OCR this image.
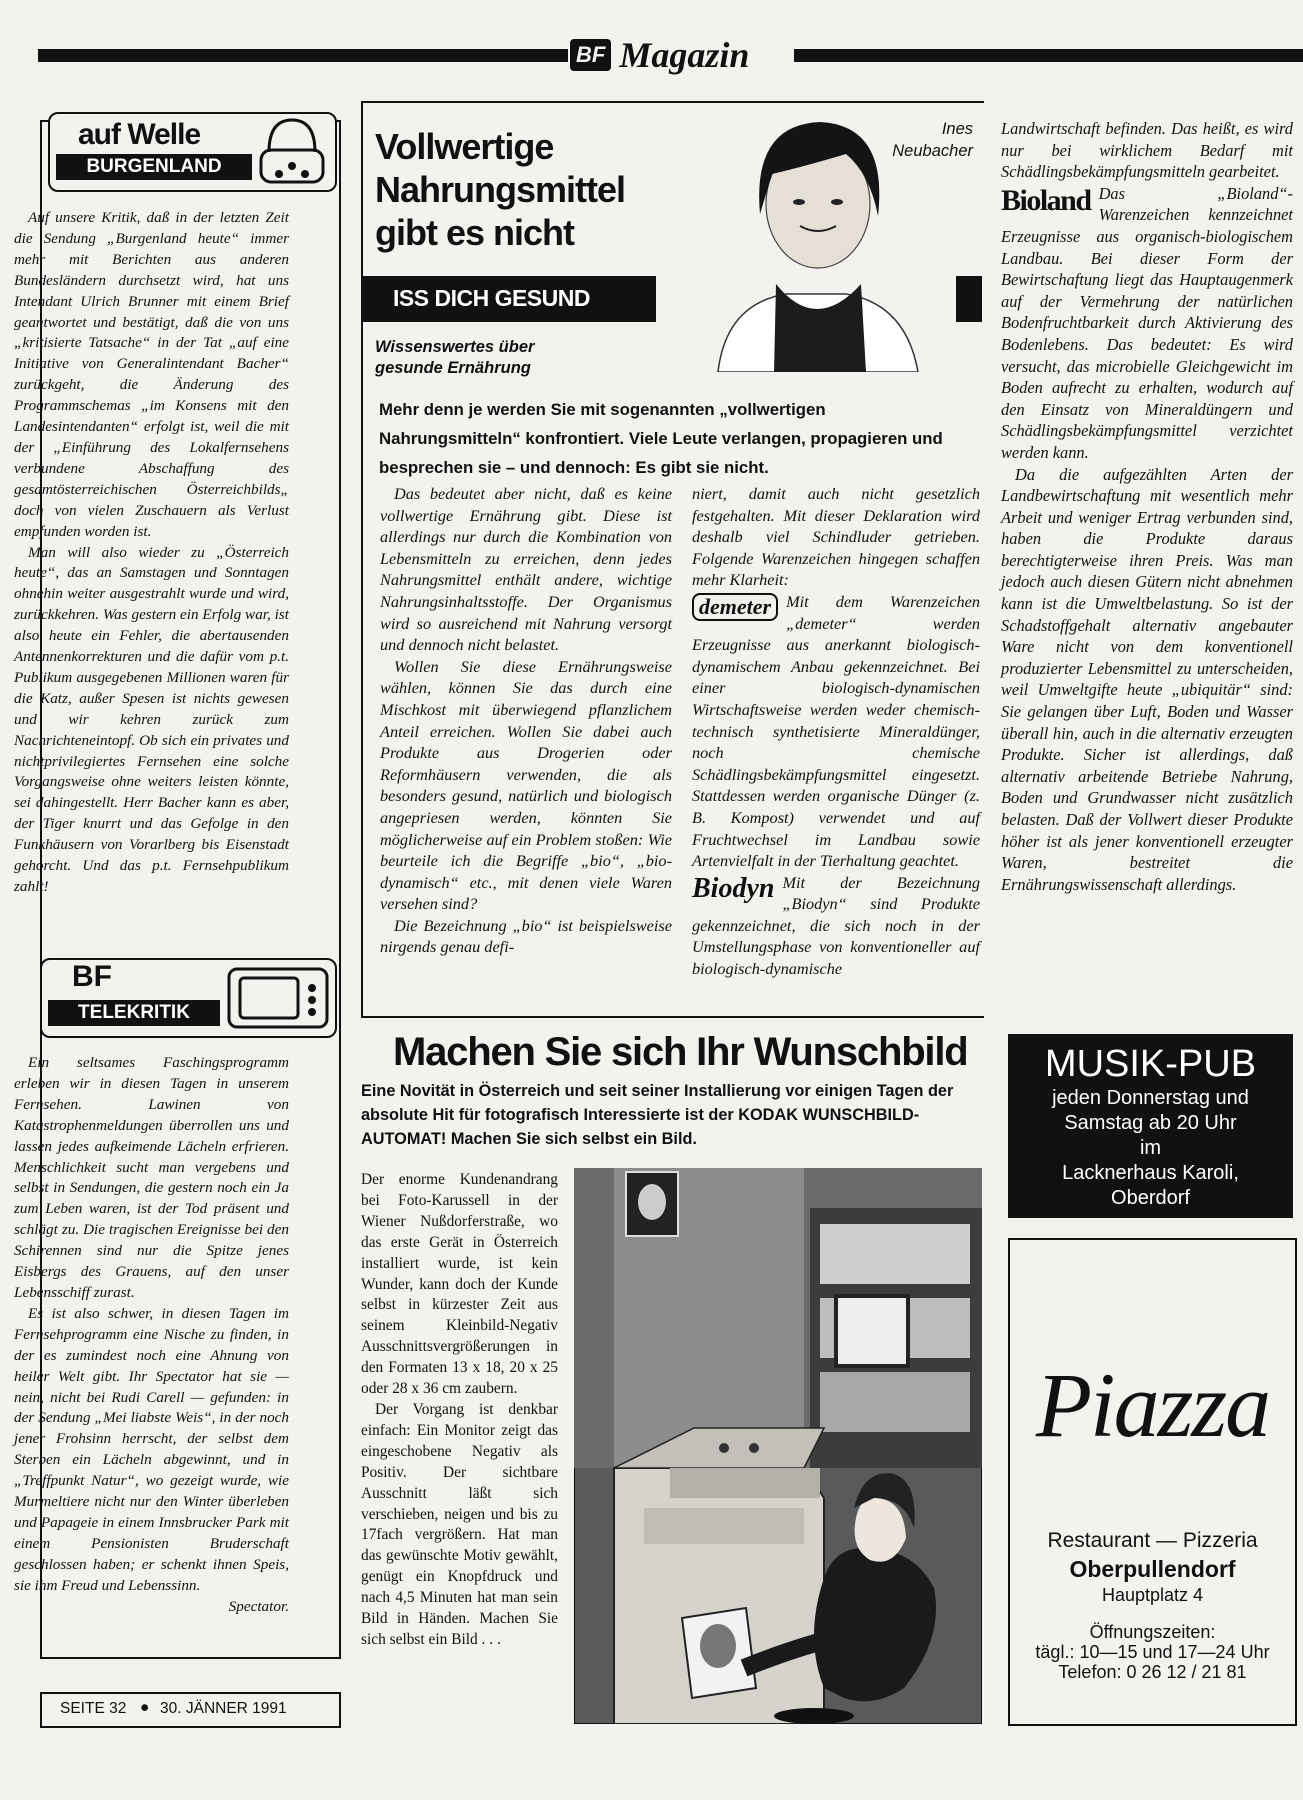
BF Magazin
auf Welle
BURGENLAND

Auf unsere Kritik, daß in der letzten Zeit die Sendung „Burgenland heute“ immer mehr mit Berichten aus anderen Bundesländern durchsetzt wird, hat uns Intendant Ulrich Brunner mit einem Brief geantwortet und bestätigt, daß die von uns „kritisierte Tatsache“ in der Tat „auf eine Initiative von Generalintendant Bacher“ zurückgeht, die Änderung des Programmschemas „im Konsens mit den Landesintendanten“ erfolgt ist, weil die mit der „Einführung des Lokalfernsehens verbundene Abschaffung des gesamtösterreichischen Österreichbilds„ doch von vielen Zuschauern als Verlust empfunden worden ist.

Man will also wieder zu „Österreich heute“, das an Samstagen und Sonntagen ohnehin weiter ausgestrahlt wurde und wird, zurückkehren. Was gestern ein Erfolg war, ist also heute ein Fehler, die abertausenden Antennenkorrekturen und die dafür vom p.t. Publikum ausgegebenen Millionen waren für die Katz, außer Spesen ist nichts gewesen und wir kehren zurück zum Nachrichteneintopf. Ob sich ein privates und nichtprivilegiertes Fernsehen eine solche Vorgangsweise ohne weiters leisten könnte, sei dahingestellt. Herr Bacher kann es aber, der Tiger knurrt und das Gefolge in den Funkhäusern von Vorarlberg bis Eisenstadt gehorcht. Und das p.t. Fernsehpublikum zahlt!

BF
TELEKRITIK

Ein seltsames Faschingsprogramm erleben wir in diesen Tagen in unserem Fernsehen. Lawinen von Katastrophenmeldungen überrollen uns und lassen jedes aufkeimende Lächeln erfrieren. Menschlichkeit sucht man vergebens und selbst in Sendungen, die gestern noch ein Ja zum Leben waren, ist der Tod präsent und schlägt zu. Die tragischen Ereignisse bei den Schirennen sind nur die Spitze jenes Eisbergs des Grauens, auf den unser Lebensschiff zurast.

Es ist also schwer, in diesen Tagen im Fernsehprogramm eine Nische zu finden, in der es zumindest noch eine Ahnung von heiler Welt gibt. Ihr Spectator hat sie — nein, nicht bei Rudi Carell — gefunden: in der Sendung „Mei liabste Weis“, in der noch jener Frohsinn herrscht, der selbst dem Sterben ein Lächeln abgewinnt, und in „Treffpunkt Natur“, wo gezeigt wurde, wie Murmeltiere nicht nur den Winter überleben und Papageie in einem Innsbrucker Park mit einem Pensionisten Bruderschaft geschlossen haben; er schenkt ihnen Speis, sie ihm Freud und Lebenssinn.

Spectator.

SEITE 32 ● 30. JÄNNER 1991
Vollwertige Nahrungsmittel gibt es nicht
ISS DICH GESUND
Wissenswertes über gesunde Ernährung
Ines Neubacher
Mehr denn je werden Sie mit sogenannten „vollwertigen Nahrungsmitteln“ konfrontiert. Viele Leute verlangen, propagieren und besprechen sie – und dennoch: Es gibt sie nicht.

Das bedeutet aber nicht, daß es keine vollwertige Ernährung gibt. Diese ist allerdings nur durch die Kombination von Lebensmitteln zu erreichen, denn jedes Nahrungsmittel enthält andere, wichtige Nahrungsinhaltsstoffe. Der Organismus wird so ausreichend mit Nahrung versorgt und dennoch nicht belastet.

Wollen Sie diese Ernährungsweise wählen, können Sie das durch eine Mischkost mit überwiegend pflanzlichem Anteil erreichen. Wollen Sie dabei auch Produkte aus Drogerien oder Reformhäusern verwenden, die als besonders gesund, natürlich und biologisch angepriesen werden, könnten Sie möglicherweise auf ein Problem stoßen: Wie beurteile ich die Begriffe „bio“, „bio-dynamisch“ etc., mit denen viele Waren versehen sind?

Die Bezeichnung „bio“ ist beispielsweise nirgends genau defi-

niert, damit auch nicht gesetzlich festgehalten. Mit dieser Deklaration wird deshalb viel Schindluder getrieben. Folgende Warenzeichen hingegen schaffen mehr Klarheit:

demeter Mit dem Warenzeichen „demeter“ werden Erzeugnisse aus anerkannt biologisch-dynamischem Anbau gekennzeichnet. Bei einer biologisch-dynamischen Wirtschaftsweise werden weder chemisch-technisch synthetisierte Mineraldünger, noch chemische Schädlingsbekämpfungsmittel eingesetzt. Stattdessen werden organische Dünger (z. B. Kompost) verwendet und auf Fruchtwechsel im Landbau sowie Artenvielfalt in der Tierhaltung geachtet.

Biodyn Mit der Bezeichnung „Biodyn“ sind Produkte gekennzeichnet, die sich noch in der Umstellungsphase von konventioneller auf biologisch-dynamische

Landwirtschaft befinden. Das heißt, es wird nur bei wirklichem Bedarf mit Schädlingsbekämpfungsmitteln gearbeitet.

Bioland Das „Bioland“-Warenzeichen kennzeichnet Erzeugnisse aus organisch-biologischem Landbau. Bei dieser Form der Bewirtschaftung liegt das Hauptaugenmerk auf der Vermehrung der natürlichen Bodenfruchtbarkeit durch Aktivierung des Bodenlebens. Das bedeutet: Es wird versucht, das microbielle Gleichgewicht im Boden aufrecht zu erhalten, wodurch auf den Einsatz von Mineraldüngern und Schädlingsbekämpfungsmittel verzichtet werden kann.

Da die aufgezählten Arten der Landbewirtschaftung mit wesentlich mehr Arbeit und weniger Ertrag verbunden sind, haben die Produkte daraus berechtigterweise ihren Preis. Was man jedoch auch diesen Gütern nicht abnehmen kann ist die Umweltbelastung. So ist der Schadstoffgehalt alternativ angebauter Ware nicht von dem konventionell produzierter Lebensmittel zu unterscheiden, weil Umweltgifte heute „ubiquitär“ sind: Sie gelangen über Luft, Boden und Wasser überall hin, auch in die alternativ erzeugten Produkte. Sicher ist allerdings, daß alternativ arbeitende Betriebe Nahrung, Boden und Grundwasser nicht zusätzlich belasten. Daß der Vollwert dieser Produkte höher ist als jener konventionell erzeugter Waren, bestreitet die Ernährungswissenschaft allerdings.

Machen Sie sich Ihr Wunschbild
Eine Novität in Österreich und seit seiner Installierung vor einigen Tagen der absolute Hit für fotografisch Interessierte ist der KODAK WUNSCHBILD-AUTOMAT! Machen Sie sich selbst ein Bild.

Der enorme Kundenandrang bei Foto-Karussell in der Wiener Nußdorferstraße, wo das erste Gerät in Österreich installiert wurde, ist kein Wunder, kann doch der Kunde selbst in kürzester Zeit aus seinem Kleinbild-Negativ Ausschnittsvergrößerungen in den Formaten 13 x 18, 20 x 25 oder 28 x 36 cm zaubern.

Der Vorgang ist denkbar einfach: Ein Monitor zeigt das eingeschobene Negativ als Positiv. Der sichtbare Ausschnitt läßt sich verschieben, neigen und bis zu 17fach vergrößern. Hat man das gewünschte Motiv gewählt, genügt ein Knopfdruck und nach 4,5 Minuten hat man sein Bild in Händen. Machen Sie sich selbst ein Bild . . .

MUSIK-PUB
jeden Donnerstag und
Samstag ab 20 Uhr
im
Lacknerhaus Karoli,
Oberdorf
Piazza
Restaurant — Pizzeria
Oberpullendorf
Hauptplatz 4
Öffnungszeiten:
tägl.: 10—15 und 17—24 Uhr
Telefon: 0 26 12 / 21 81
